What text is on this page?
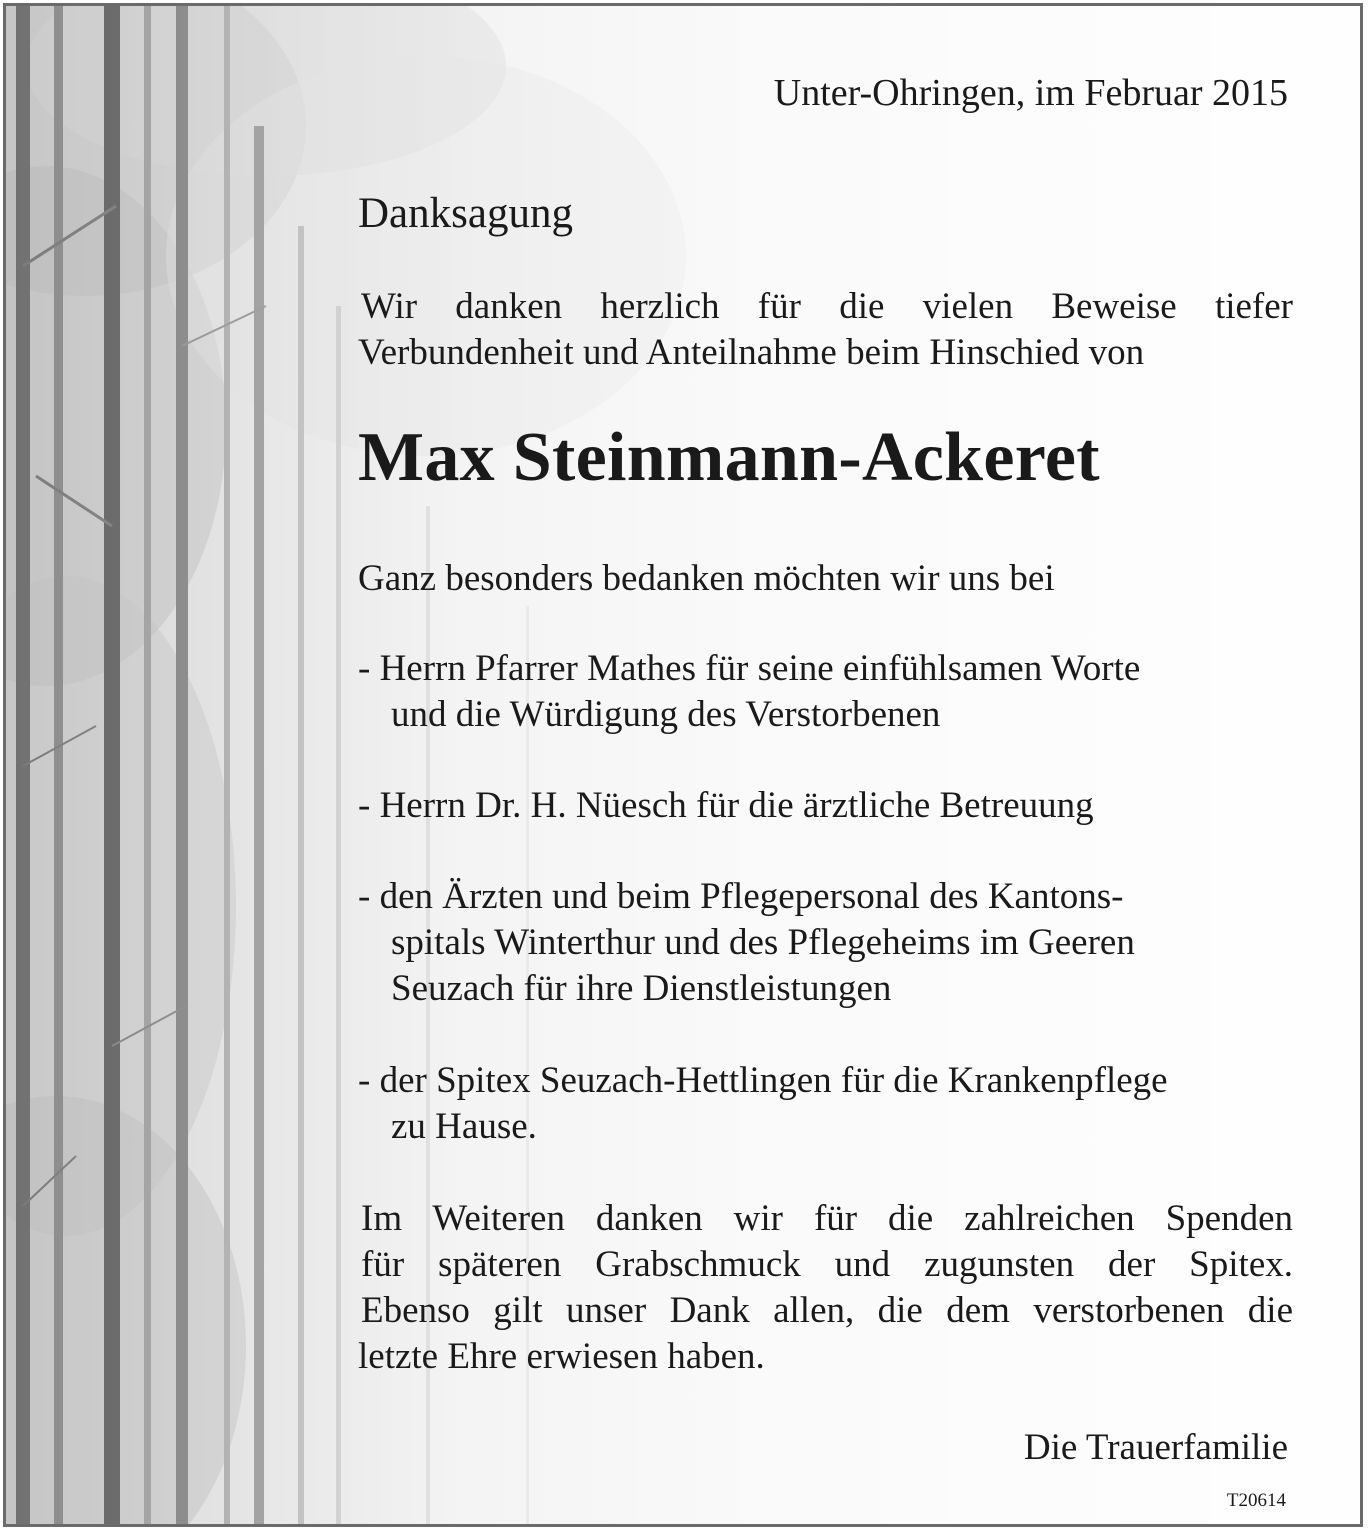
Unter-Ohringen, im Februar 2015
Danksagung
Wir danken herzlich für die vielen Beweise tiefer
Verbundenheit und Anteilnahme beim Hinschied von
Max Steinmann-Ackeret
Ganz besonders bedanken möchten wir uns bei
- Herrn Pfarrer Mathes für seine einfühlsamen Worte
und die Würdigung des Verstorbenen
- Herrn Dr. H. Nüesch für die ärztliche Betreuung
- den Ärzten und beim Pflegepersonal des Kantons-
spitals Winterthur und des Pflegeheims im Geeren
Seuzach für ihre Dienstleistungen
- der Spitex Seuzach-Hettlingen für die Krankenpflege
zu Hause.
Im Weiteren danken wir für die zahlreichen Spenden
für späteren Grabschmuck und zugunsten der Spitex.
Ebenso gilt unser Dank allen, die dem verstorbenen die
letzte Ehre erwiesen haben.
Die Trauerfamilie
T20614
